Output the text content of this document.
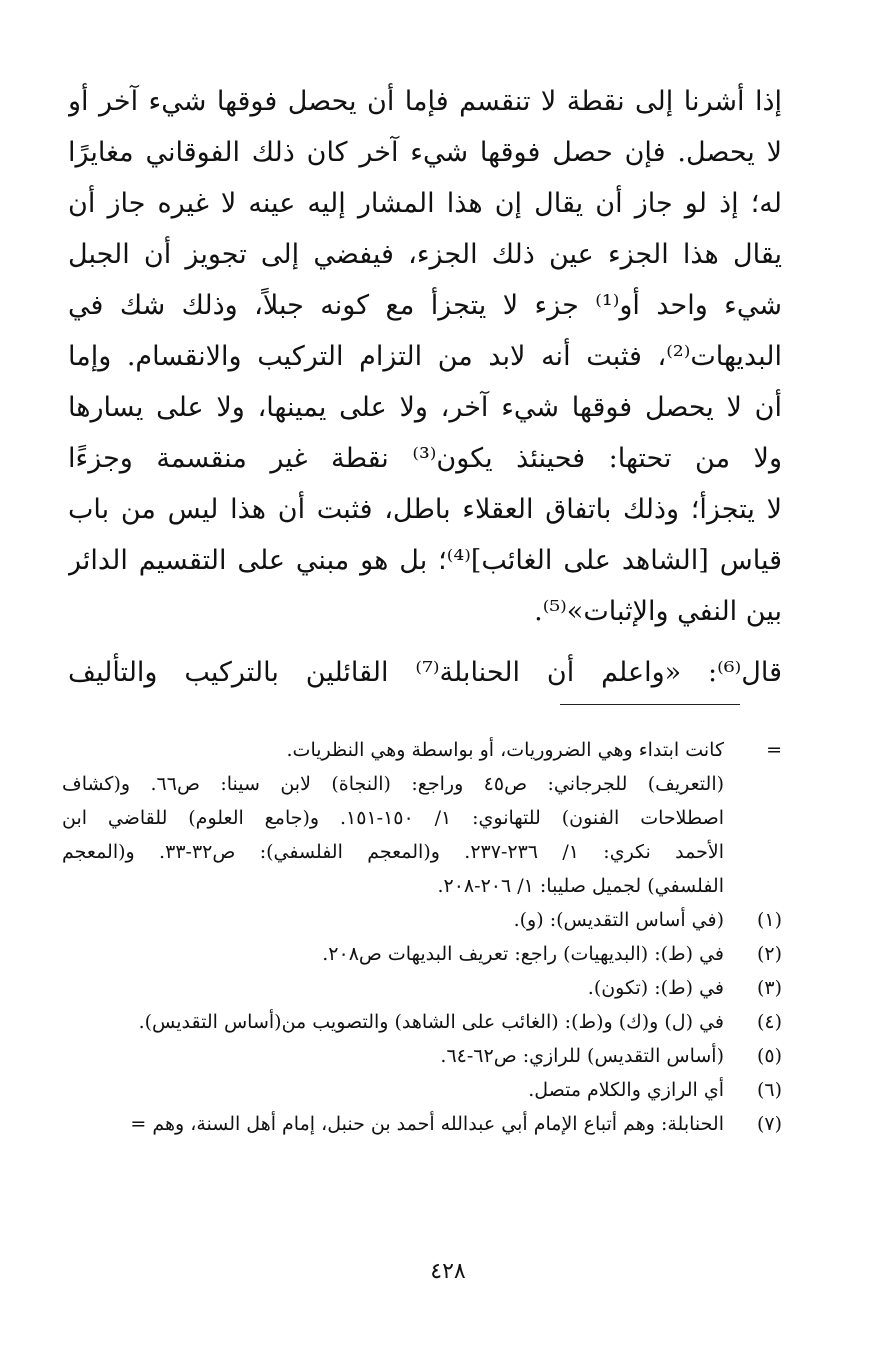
إذا أشرنا إلى نقطة لا تنقسم فإما أن يحصل فوقها شيء آخر أو
لا يحصل. فإن حصل فوقها شيء آخر كان ذلك الفوقاني مغايرًا
له؛ إذ لو جاز أن يقال إن هذا المشار إليه عينه لا غيره جاز أن
يقال هذا الجزء عين ذلك الجزء، فيفضي إلى تجويز أن الجبل
شيء واحد أو⁽¹⁾ جزء لا يتجزأ مع كونه جبلاً، وذلك شك في
البديهات⁽²⁾، فثبت أنه لابد من التزام التركيب والانقسام. وإما
أن لا يحصل فوقها شيء آخر، ولا على يمينها، ولا على يسارها
ولا من تحتها: فحينئذ يكون⁽³⁾ نقطة غير منقسمة وجزءًا
لا يتجزأ؛ وذلك باتفاق العقلاء باطل، فثبت أن هذا ليس من باب
قياس [الشاهد على الغائب]⁽⁴⁾؛ بل هو مبني على التقسيم الدائر
بين النفي والإثبات»⁽⁵⁾.
قال⁽⁶⁾: «واعلم أن الحنابلة⁽⁷⁾ القائلين بالتركيب والتأليف
=
كانت ابتداء وهي الضروريات، أو بواسطة وهي النظريات.
(التعريف) للجرجاني: ص٤٥ وراجع: (النجاة) لابن سينا: ص٦٦. و(كشاف
اصطلاحات الفنون) للتهانوي: ١/ ١٥٠-١٥١. و(جامع العلوم) للقاضي ابن
الأحمد نكري: ١/ ٢٣٦-٢٣٧. و(المعجم الفلسفي): ص٣٢-٣٣. و(المعجم
الفلسفي) لجميل صليبا: ١/ ٢٠٦-٢٠٨.
(١)
(في أساس التقديس): (و).
(٢)
في (ط): (البديهيات) راجع: تعريف البديهات ص٢٠٨.
(٣)
في (ط): (تكون).
(٤)
في (ل) و(ك) و(ط): (الغائب على الشاهد) والتصويب من(أساس التقديس).
(٥)
(أساس التقديس) للرازي: ص٦٢-٦٤.
(٦)
أي الرازي والكلام متصل.
(٧)
الحنابلة: وهم أتباع الإمام أبي عبدالله أحمد بن حنبل، إمام أهل السنة، وهم =
٤٢٨
